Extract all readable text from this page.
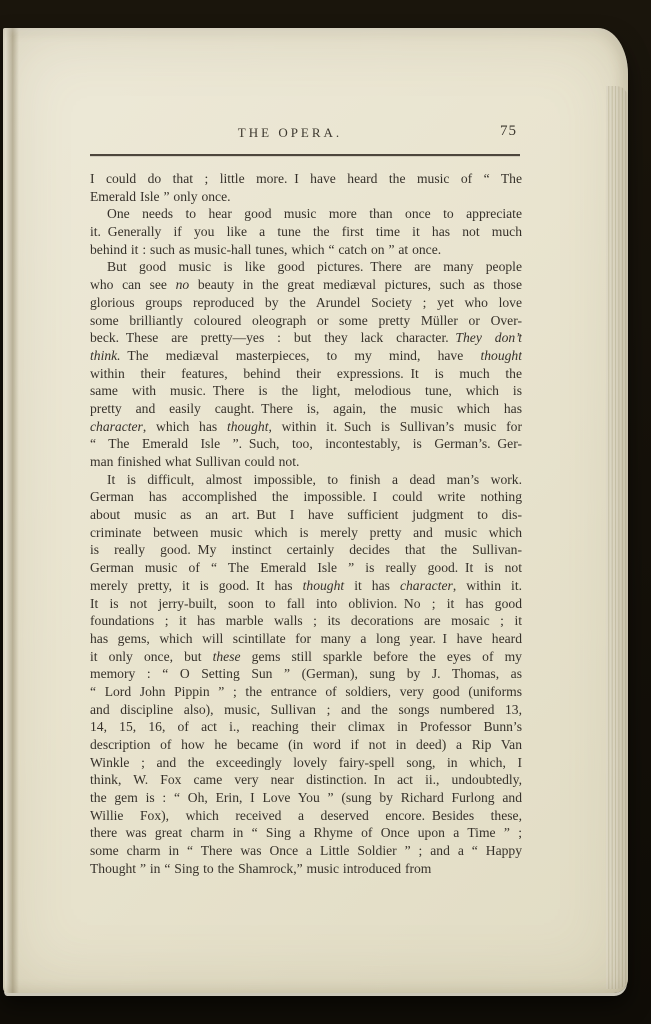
THE OPERA.	75
I could do that ; little more. I have heard the music of “ The
Emerald Isle ” only once.
One needs to hear good music more than once to appreciate
it. Generally if you like a tune the first time it has not much
behind it : such as music-hall tunes, which “ catch on ” at once.
But good music is like good pictures. There are many people
who can see no beauty in the great mediæval pictures, such as those
glorious groups reproduced by the Arundel Society ; yet who love
some brilliantly coloured oleograph or some pretty Müller or Over-
beck. These are pretty—yes : but they lack character. They don’t
think. The mediæval masterpieces, to my mind, have thought
within their features, behind their expressions. It is much the
same with music. There is the light, melodious tune, which is
pretty and easily caught. There is, again, the music which has
character, which has thought, within it. Such is Sullivan’s music for
“ The Emerald Isle ”. Such, too, incontestably, is German’s. Ger-
man finished what Sullivan could not.
It is difficult, almost impossible, to finish a dead man’s work.
German has accomplished the impossible. I could write nothing
about music as an art. But I have sufficient judgment to dis-
criminate between music which is merely pretty and music which
is really good. My instinct certainly decides that the Sullivan-
German music of “ The Emerald Isle ” is really good. It is not
merely pretty, it is good. It has thought it has character, within it.
It is not jerry-built, soon to fall into oblivion. No ; it has good
foundations ; it has marble walls ; its decorations are mosaic ; it
has gems, which will scintillate for many a long year. I have heard
it only once, but these gems still sparkle before the eyes of my
memory : “ O Setting Sun ” (German), sung by J. Thomas, as
“ Lord John Pippin ” ; the entrance of soldiers, very good (uniforms
and discipline also), music, Sullivan ; and the songs numbered 13,
14, 15, 16, of act i., reaching their climax in Professor Bunn’s
description of how he became (in word if not in deed) a Rip Van
Winkle ; and the exceedingly lovely fairy-spell song, in which, I
think, W. Fox came very near distinction. In act ii., undoubtedly,
the gem is : “ Oh, Erin, I Love You ” (sung by Richard Furlong and
Willie Fox), which received a deserved encore. Besides these,
there was great charm in “ Sing a Rhyme of Once upon a Time ” ;
some charm in “ There was Once a Little Soldier ” ; and a “ Happy
Thought ” in “ Sing to the Shamrock,” music introduced from
